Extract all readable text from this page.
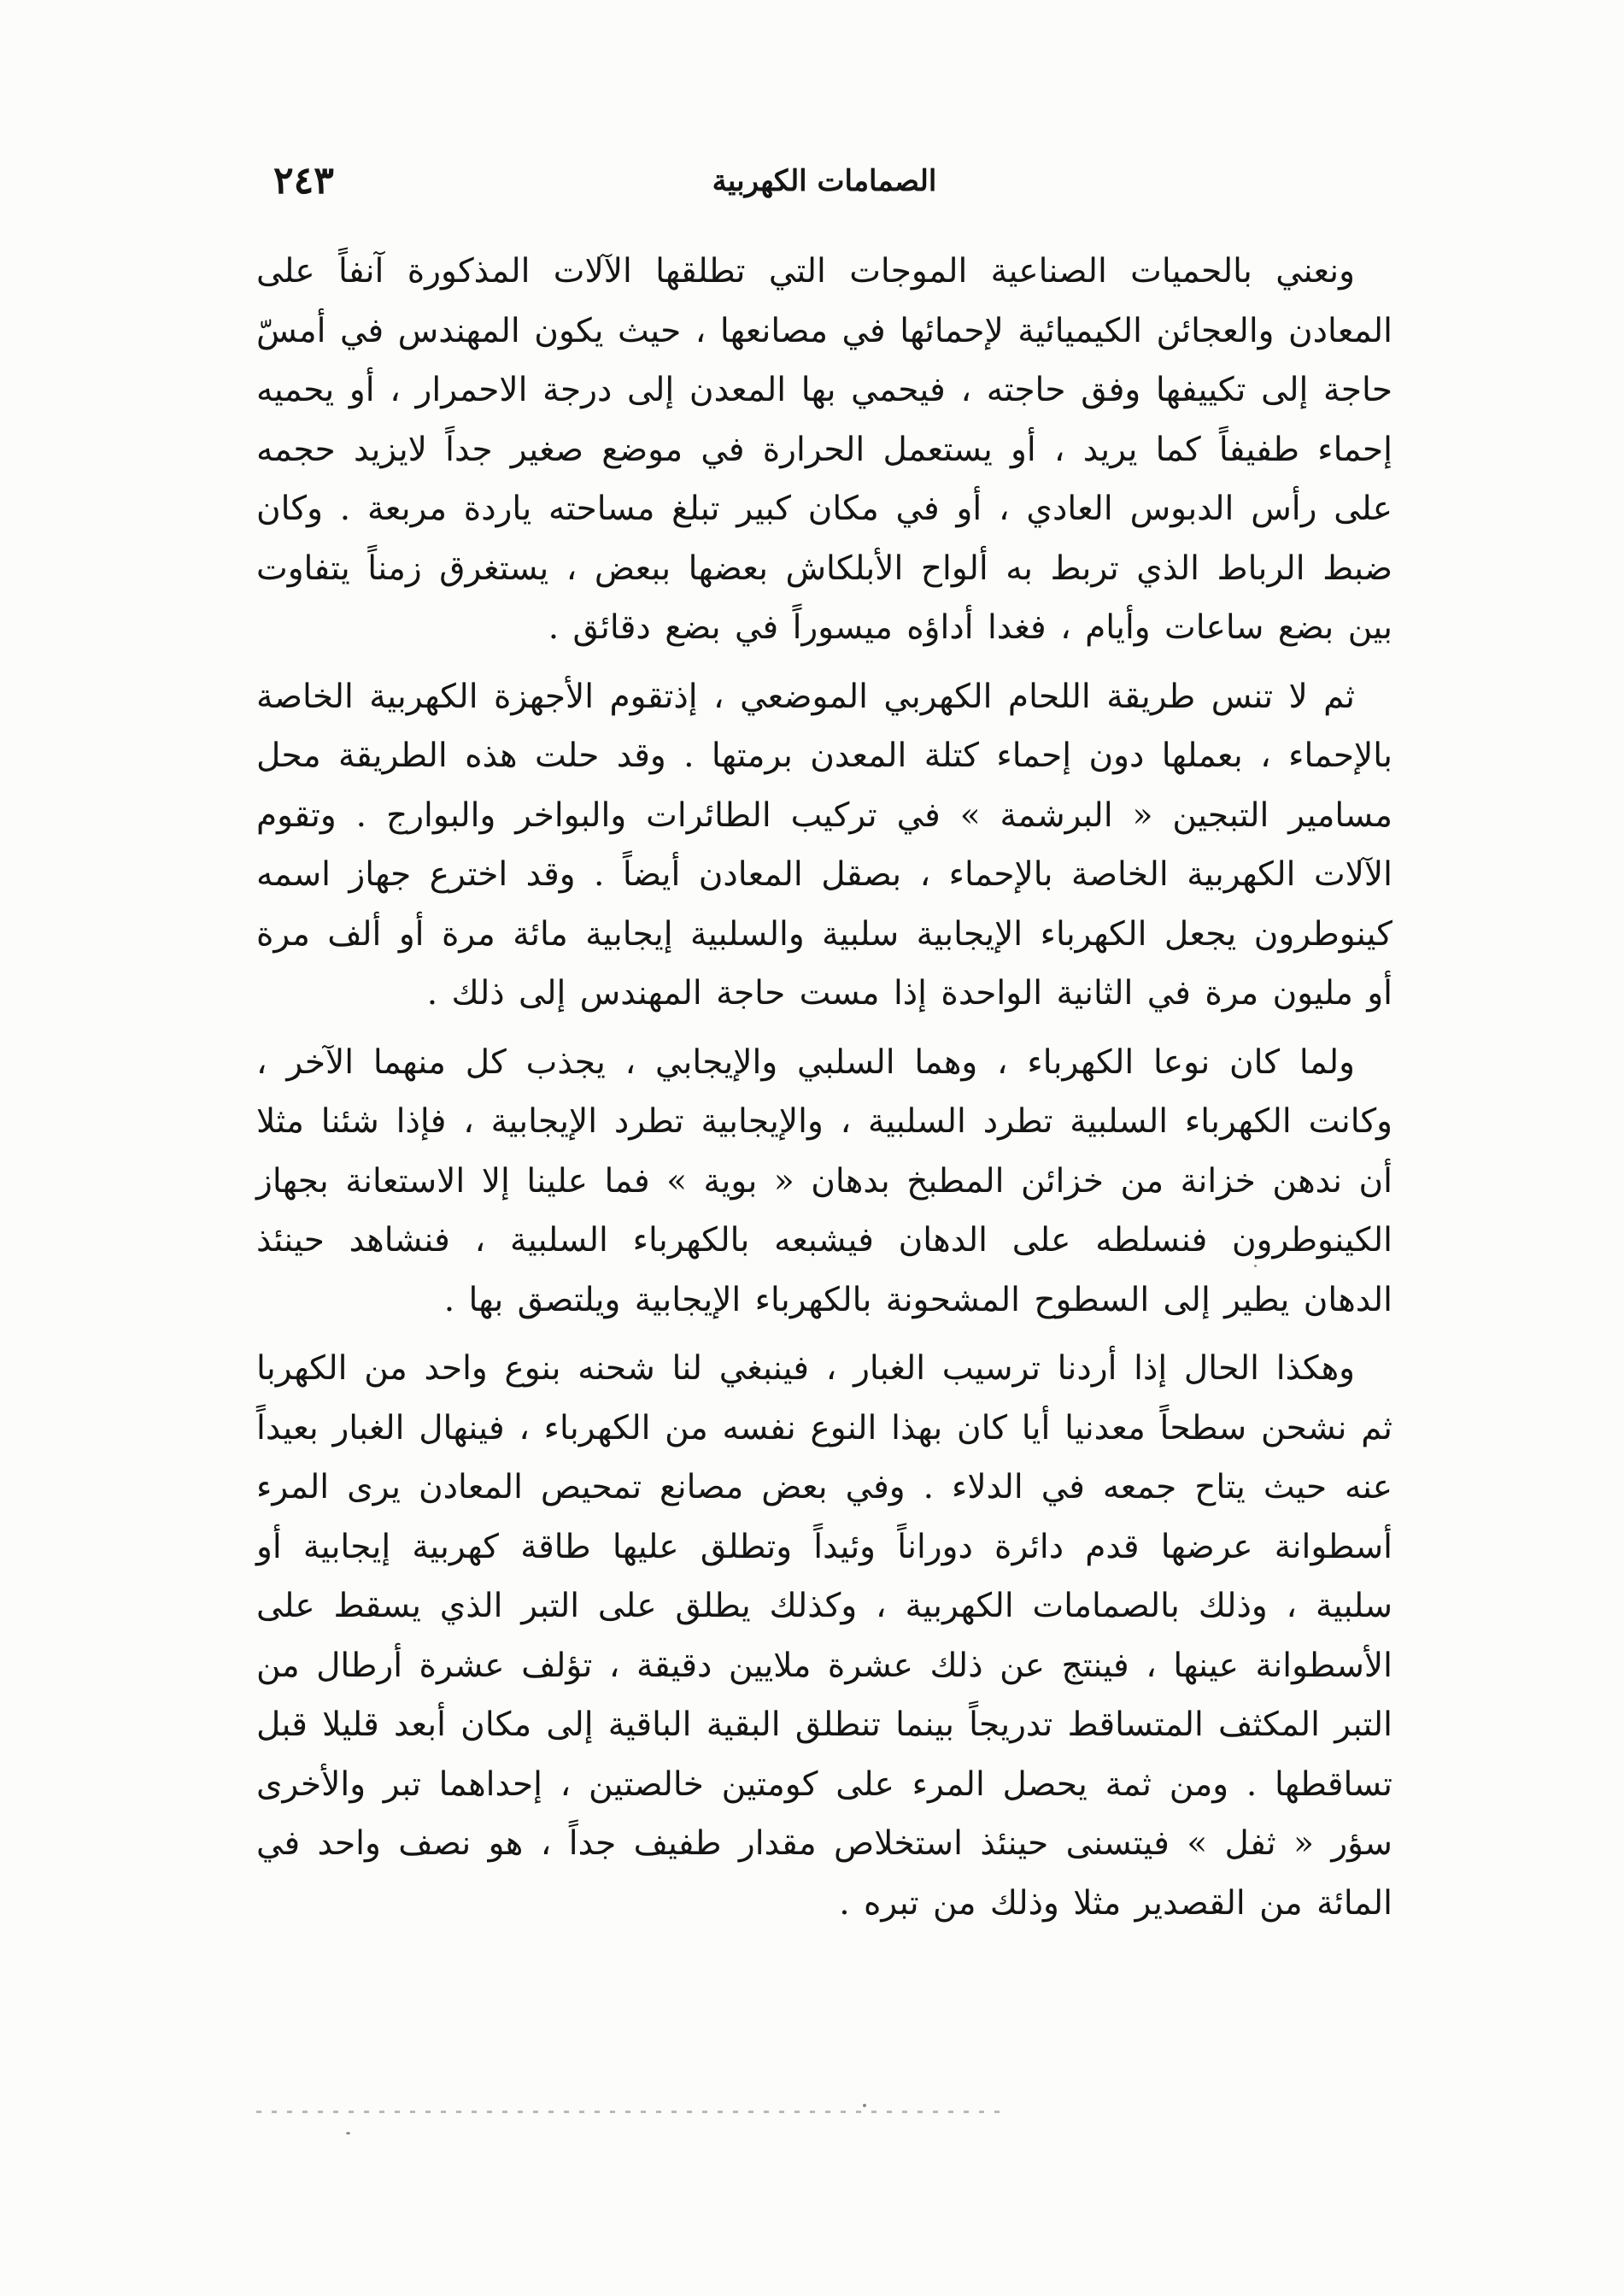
الصمامات الكهربية
٢٤٣

ونعني بالحميات الصناعية الموجات التي تطلقها الآلات المذكورة آنفاً على المعادن والعجائن الكيميائية لإحمائها في مصانعها ، حيث يكون المهندس في أمسّ حاجة إلى تكييفها وفق حاجته ، فيحمي بها المعدن إلى درجة الاحمرار ، أو يحميه إحماء طفيفاً كما يريد ، أو يستعمل الحرارة في موضع صغير جداً لايزيد حجمه على رأس الدبوس العادي ، أو في مكان كبير تبلغ مساحته ياردة مربعة . وكان ضبط الرباط الذي تربط به ألواح الأبلكاش بعضها ببعض ، يستغرق زمناً يتفاوت بين بضع ساعات وأيام ، فغدا أداؤه ميسوراً في بضع دقائق .

ثم لا تنس طريقة اللحام الكهربي الموضعي ، إذتقوم الأجهزة الكهربية الخاصة بالإحماء ، بعملها دون إحماء كتلة المعدن برمتها . وقد حلت هذه الطريقة محل مسامير التبجين « البرشمة » في تركيب الطائرات والبواخر والبوارج . وتقوم الآلات الكهربية الخاصة بالإحماء ، بصقل المعادن أيضاً . وقد اخترع جهاز اسمه كينوطرون يجعل الكهرباء الإيجابية سلبية والسلبية إيجابية مائة مرة أو ألف مرة أو مليون مرة في الثانية الواحدة إذا مست حاجة المهندس إلى ذلك .

ولما كان نوعا الكهرباء ، وهما السلبي والإيجابي ، يجذب كل منهما الآخر ، وكانت الكهرباء السلبية تطرد السلبية ، والإيجابية تطرد الإيجابية ، فإذا شئنا مثلا أن ندهن خزانة من خزائن المطبخ بدهان « بوية » فما علينا إلا الاستعانة بجهاز الكينوطرون فنسلطه على الدهان فيشبعه بالكهرباء السلبية ، فنشاهد حينئذ الدهان يطير إلى السطوح المشحونة بالكهرباء الإيجابية ويلتصق بها .

وهكذا الحال إذا أردنا ترسيب الغبار ، فينبغي لنا شحنه بنوع واحد من الكهربا ثم نشحن سطحاً معدنيا أيا كان بهذا النوع نفسه من الكهرباء ، فينهال الغبار بعيداً عنه حيث يتاح جمعه في الدلاء . وفي بعض مصانع تمحيص المعادن يرى المرء أسطوانة عرضها قدم دائرة دوراناً وئيداً وتطلق عليها طاقة كهربية إيجابية أو سلبية ، وذلك بالصمامات الكهربية ، وكذلك يطلق على التبر الذي يسقط على الأسطوانة عينها ، فينتج عن ذلك عشرة ملايين دقيقة ، تؤلف عشرة أرطال من التبر المكثف المتساقط تدريجاً بينما تنطلق البقية الباقية إلى مكان أبعد قليلا قبل تساقطها . ومن ثمة يحصل المرء على كومتين خالصتين ، إحداهما تبر والأخرى سؤر « ثفل » فيتسنى حينئذ استخلاص مقدار طفيف جداً ، هو نصف واحد في المائة من القصدير مثلا وذلك من تبره .
